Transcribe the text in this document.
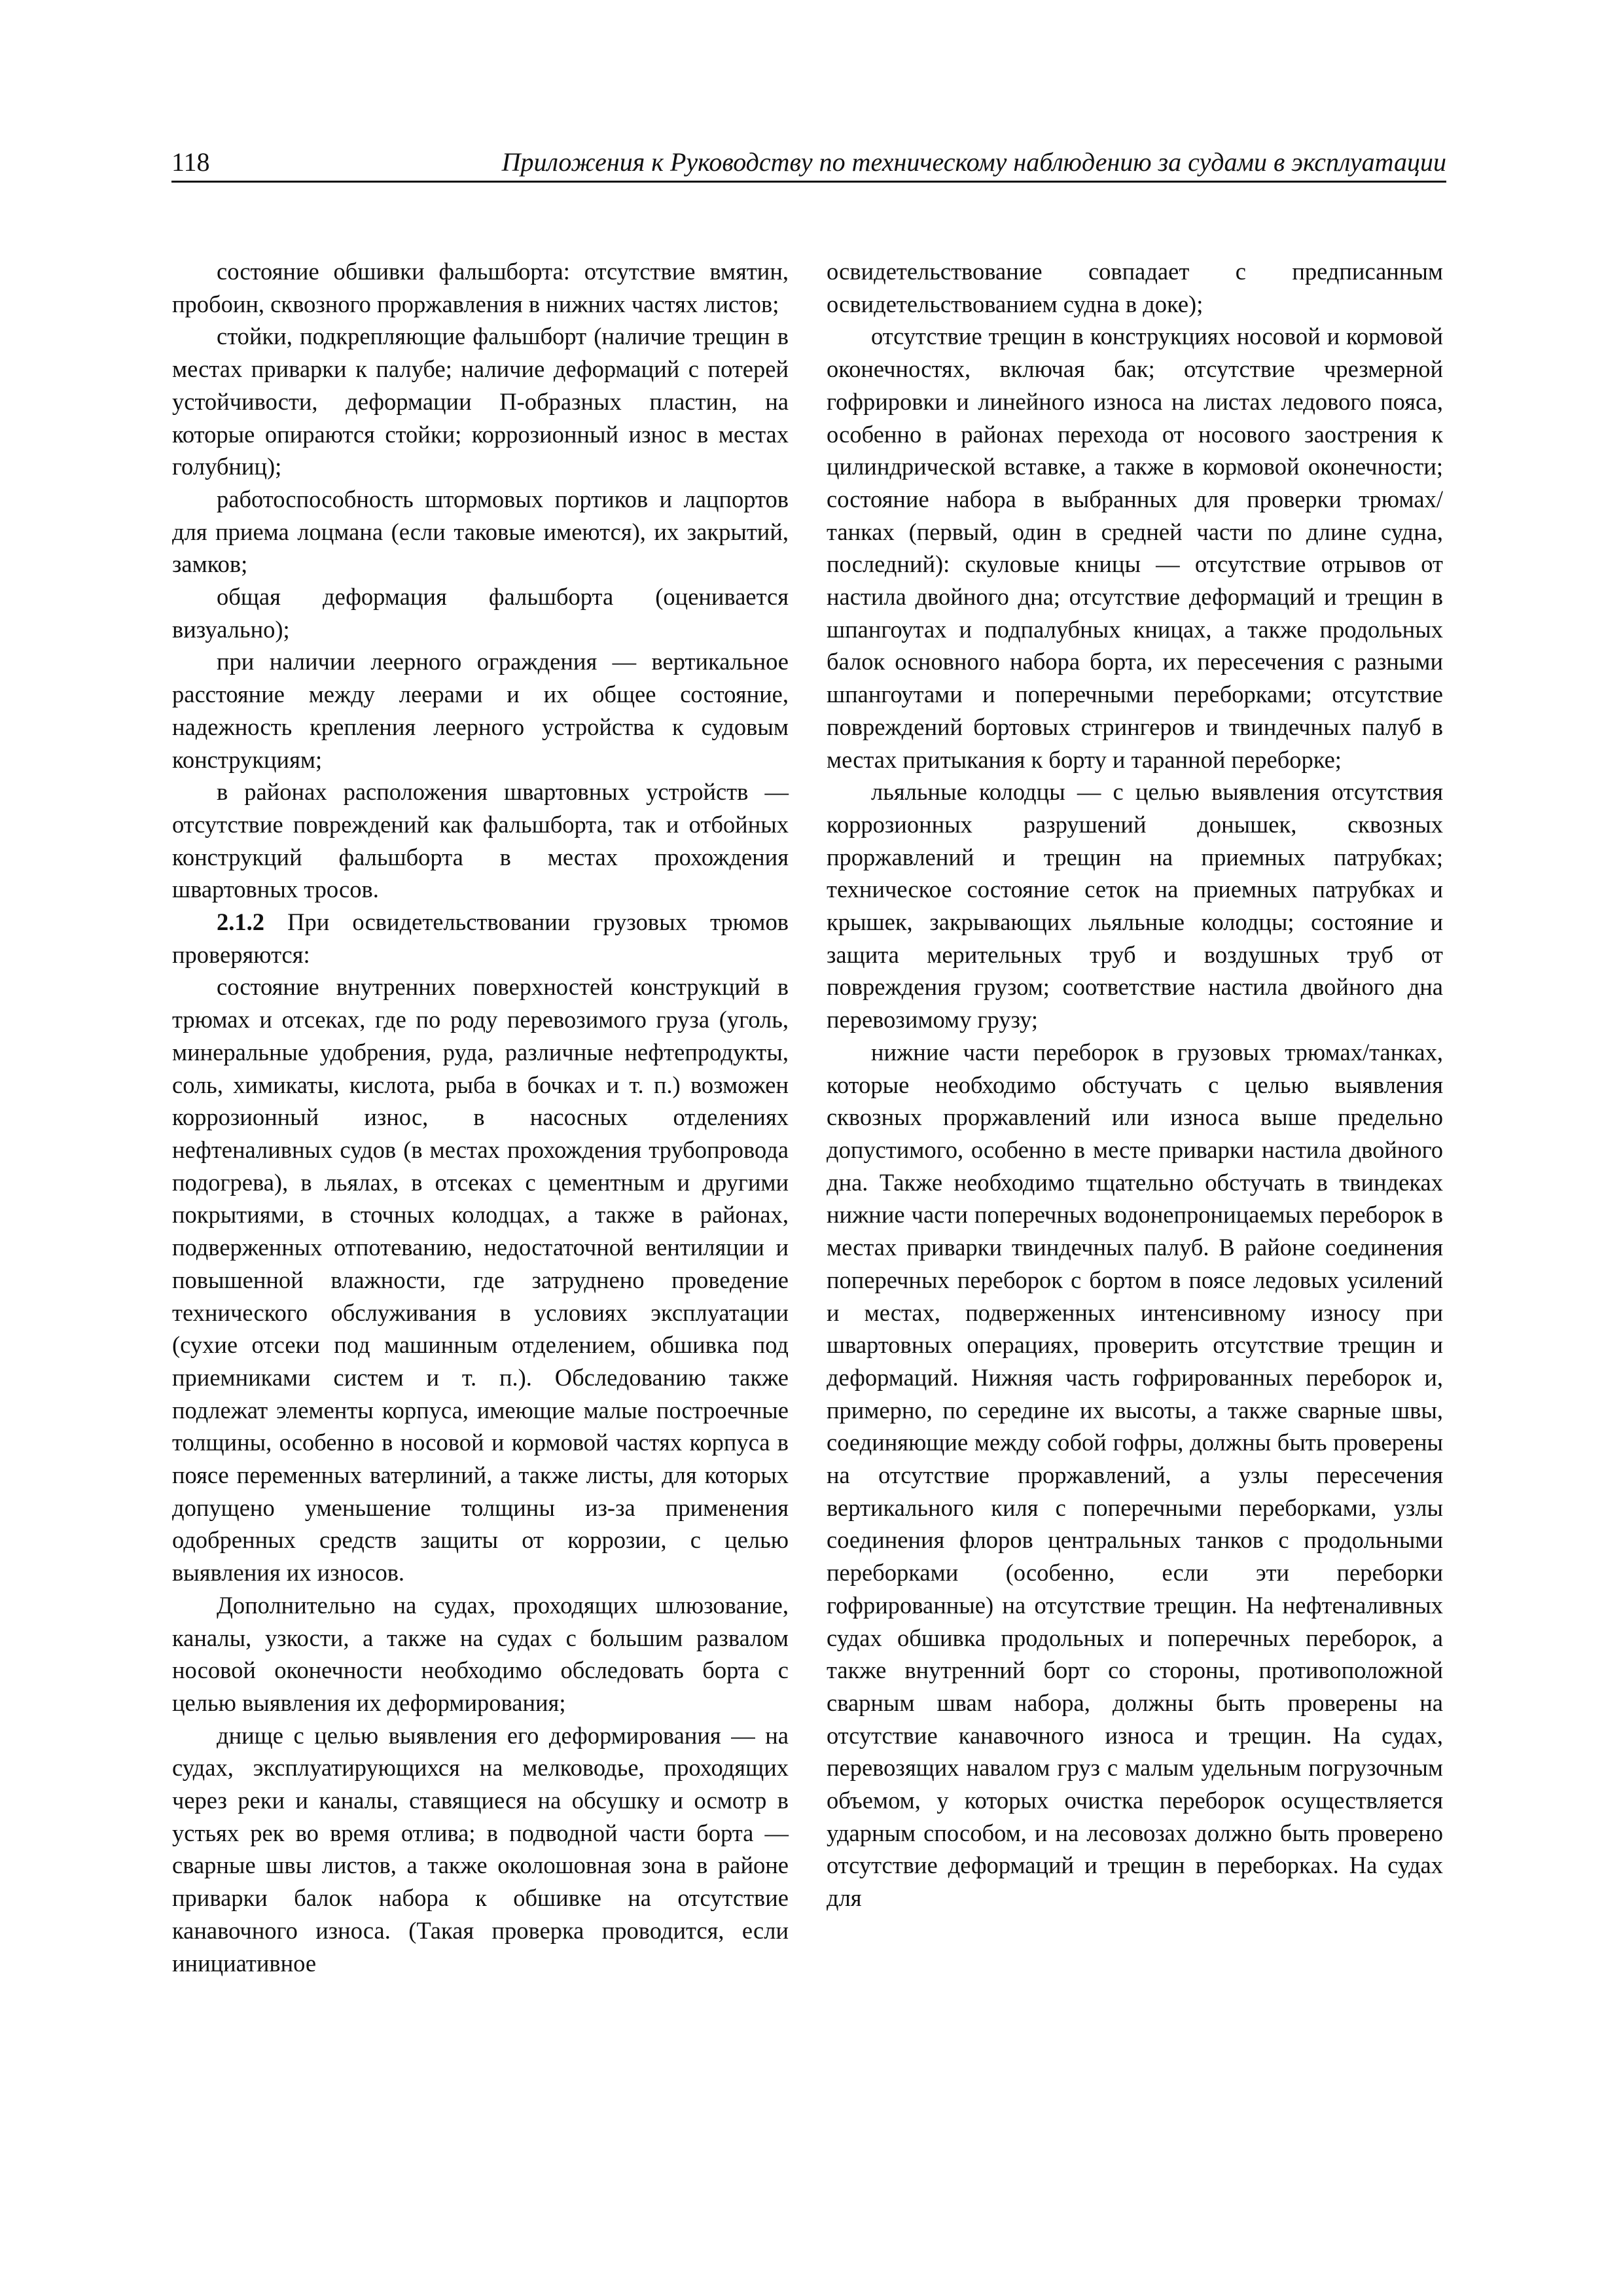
118	Приложения к Руководству по техническому наблюдению за судами в эксплуатации

состояние обшивки фальшборта: отсутствие вмятин, пробоин, сквозного проржавления в нижних частях листов;

стойки, подкрепляющие фальшборт (наличие трещин в местах приварки к палубе; наличие деформаций с потерей устойчивости, деформации П-образных пластин, на которые опираются стойки; коррозионный износ в местах голубниц);

работоспособность штормовых портиков и лацпортов для приема лоцмана (если таковые имеются), их закрытий, замков;

общая деформация фальшборта (оценивается визуально);

при наличии леерного ограждения — вертикальное расстояние между леерами и их общее состояние, надежность крепления леерного устройства к судовым конструкциям;

в районах расположения швартовных устройств — отсутствие повреждений как фальшборта, так и отбойных конструкций фальшборта в местах прохождения швартовных тросов.

2.1.2 При освидетельствовании грузовых трюмов проверяются:

состояние внутренних поверхностей конструкций в трюмах и отсеках, где по роду перевозимого груза (уголь, минеральные удобрения, руда, различные нефтепродукты, соль, химикаты, кислота, рыба в бочках и т. п.) возможен коррозионный износ, в насосных отделениях нефтеналивных судов (в местах прохождения трубопровода подогрева), в льялах, в отсеках с цементным и другими покрытиями, в сточных колодцах, а также в районах, подверженных отпотеванию, недостаточной вентиляции и повышенной влажности, где затруднено проведение технического обслуживания в условиях эксплуатации (сухие отсеки под машинным отделением, обшивка под приемниками систем и т. п.). Обследованию также подлежат элементы корпуса, имеющие малые построечные толщины, особенно в носовой и кормовой частях корпуса в поясе переменных ватерлиний, а также листы, для которых допущено уменьшение толщины из-за применения одобренных средств защиты от коррозии, с целью выявления их износов.

Дополнительно на судах, проходящих шлюзование, каналы, узкости, а также на судах с большим развалом носовой оконечности необходимо обследовать борта с целью выявления их деформирования;

днище с целью выявления его деформирования — на судах, эксплуатирующихся на мелководье, проходящих через реки и каналы, ставящиеся на обсушку и осмотр в устьях рек во время отлива; в подводной части борта — сварные швы листов, а также околошовная зона в районе приварки балок набора к обшивке на отсутствие канавочного износа. (Такая проверка проводится, если инициативное

освидетельствование совпадает с предписанным освидетельствованием судна в доке);

отсутствие трещин в конструкциях носовой и кормовой оконечностях, включая бак; отсутствие чрезмерной гофрировки и линейного износа на листах ледового пояса, особенно в районах перехода от носового заострения к цилиндрической вставке, а также в кормовой оконечности; состояние набора в выбранных для проверки трюмах/танках (первый, один в средней части по длине судна, последний): скуловые кницы — отсутствие отрывов от настила двойного дна; отсутствие деформаций и трещин в шпангоутах и подпалубных кницах, а также продольных балок основного набора борта, их пересечения с разными шпангоутами и поперечными переборками; отсутствие повреждений бортовых стрингеров и твиндечных палуб в местах притыкания к борту и таранной переборке;

льяльные колодцы — с целью выявления отсутствия коррозионных разрушений донышек, сквозных проржавлений и трещин на приемных патрубках; техническое состояние сеток на приемных патрубках и крышек, закрывающих льяльные колодцы; состояние и защита мерительных труб и воздушных труб от повреждения грузом; соответствие настила двойного дна перевозимому грузу;

нижние части переборок в грузовых трюмах/танках, которые необходимо обстучать с целью выявления сквозных проржавлений или износа выше предельно допустимого, особенно в месте приварки настила двойного дна. Также необходимо тщательно обстучать в твиндеках нижние части поперечных водонепроницаемых переборок в местах приварки твиндечных палуб. В районе соединения поперечных переборок с бортом в поясе ледовых усилений и местах, подверженных интенсивному износу при швартовных операциях, проверить отсутствие трещин и деформаций. Нижняя часть гофрированных переборок и, примерно, по середине их высоты, а также сварные швы, соединяющие между собой гофры, должны быть проверены на отсутствие проржавлений, а узлы пересечения вертикального киля с поперечными переборками, узлы соединения флоров центральных танков с продольными переборками (особенно, если эти переборки гофрированные) на отсутствие трещин. На нефтеналивных судах обшивка продольных и поперечных переборок, а также внутренний борт со стороны, противоположной сварным швам набора, должны быть проверены на отсутствие канавочного износа и трещин. На судах, перевозящих навалом груз с малым удельным погрузочным объемом, у которых очистка переборок осуществляется ударным способом, и на лесовозах должно быть проверено отсутствие деформаций и трещин в переборках. На судах для
